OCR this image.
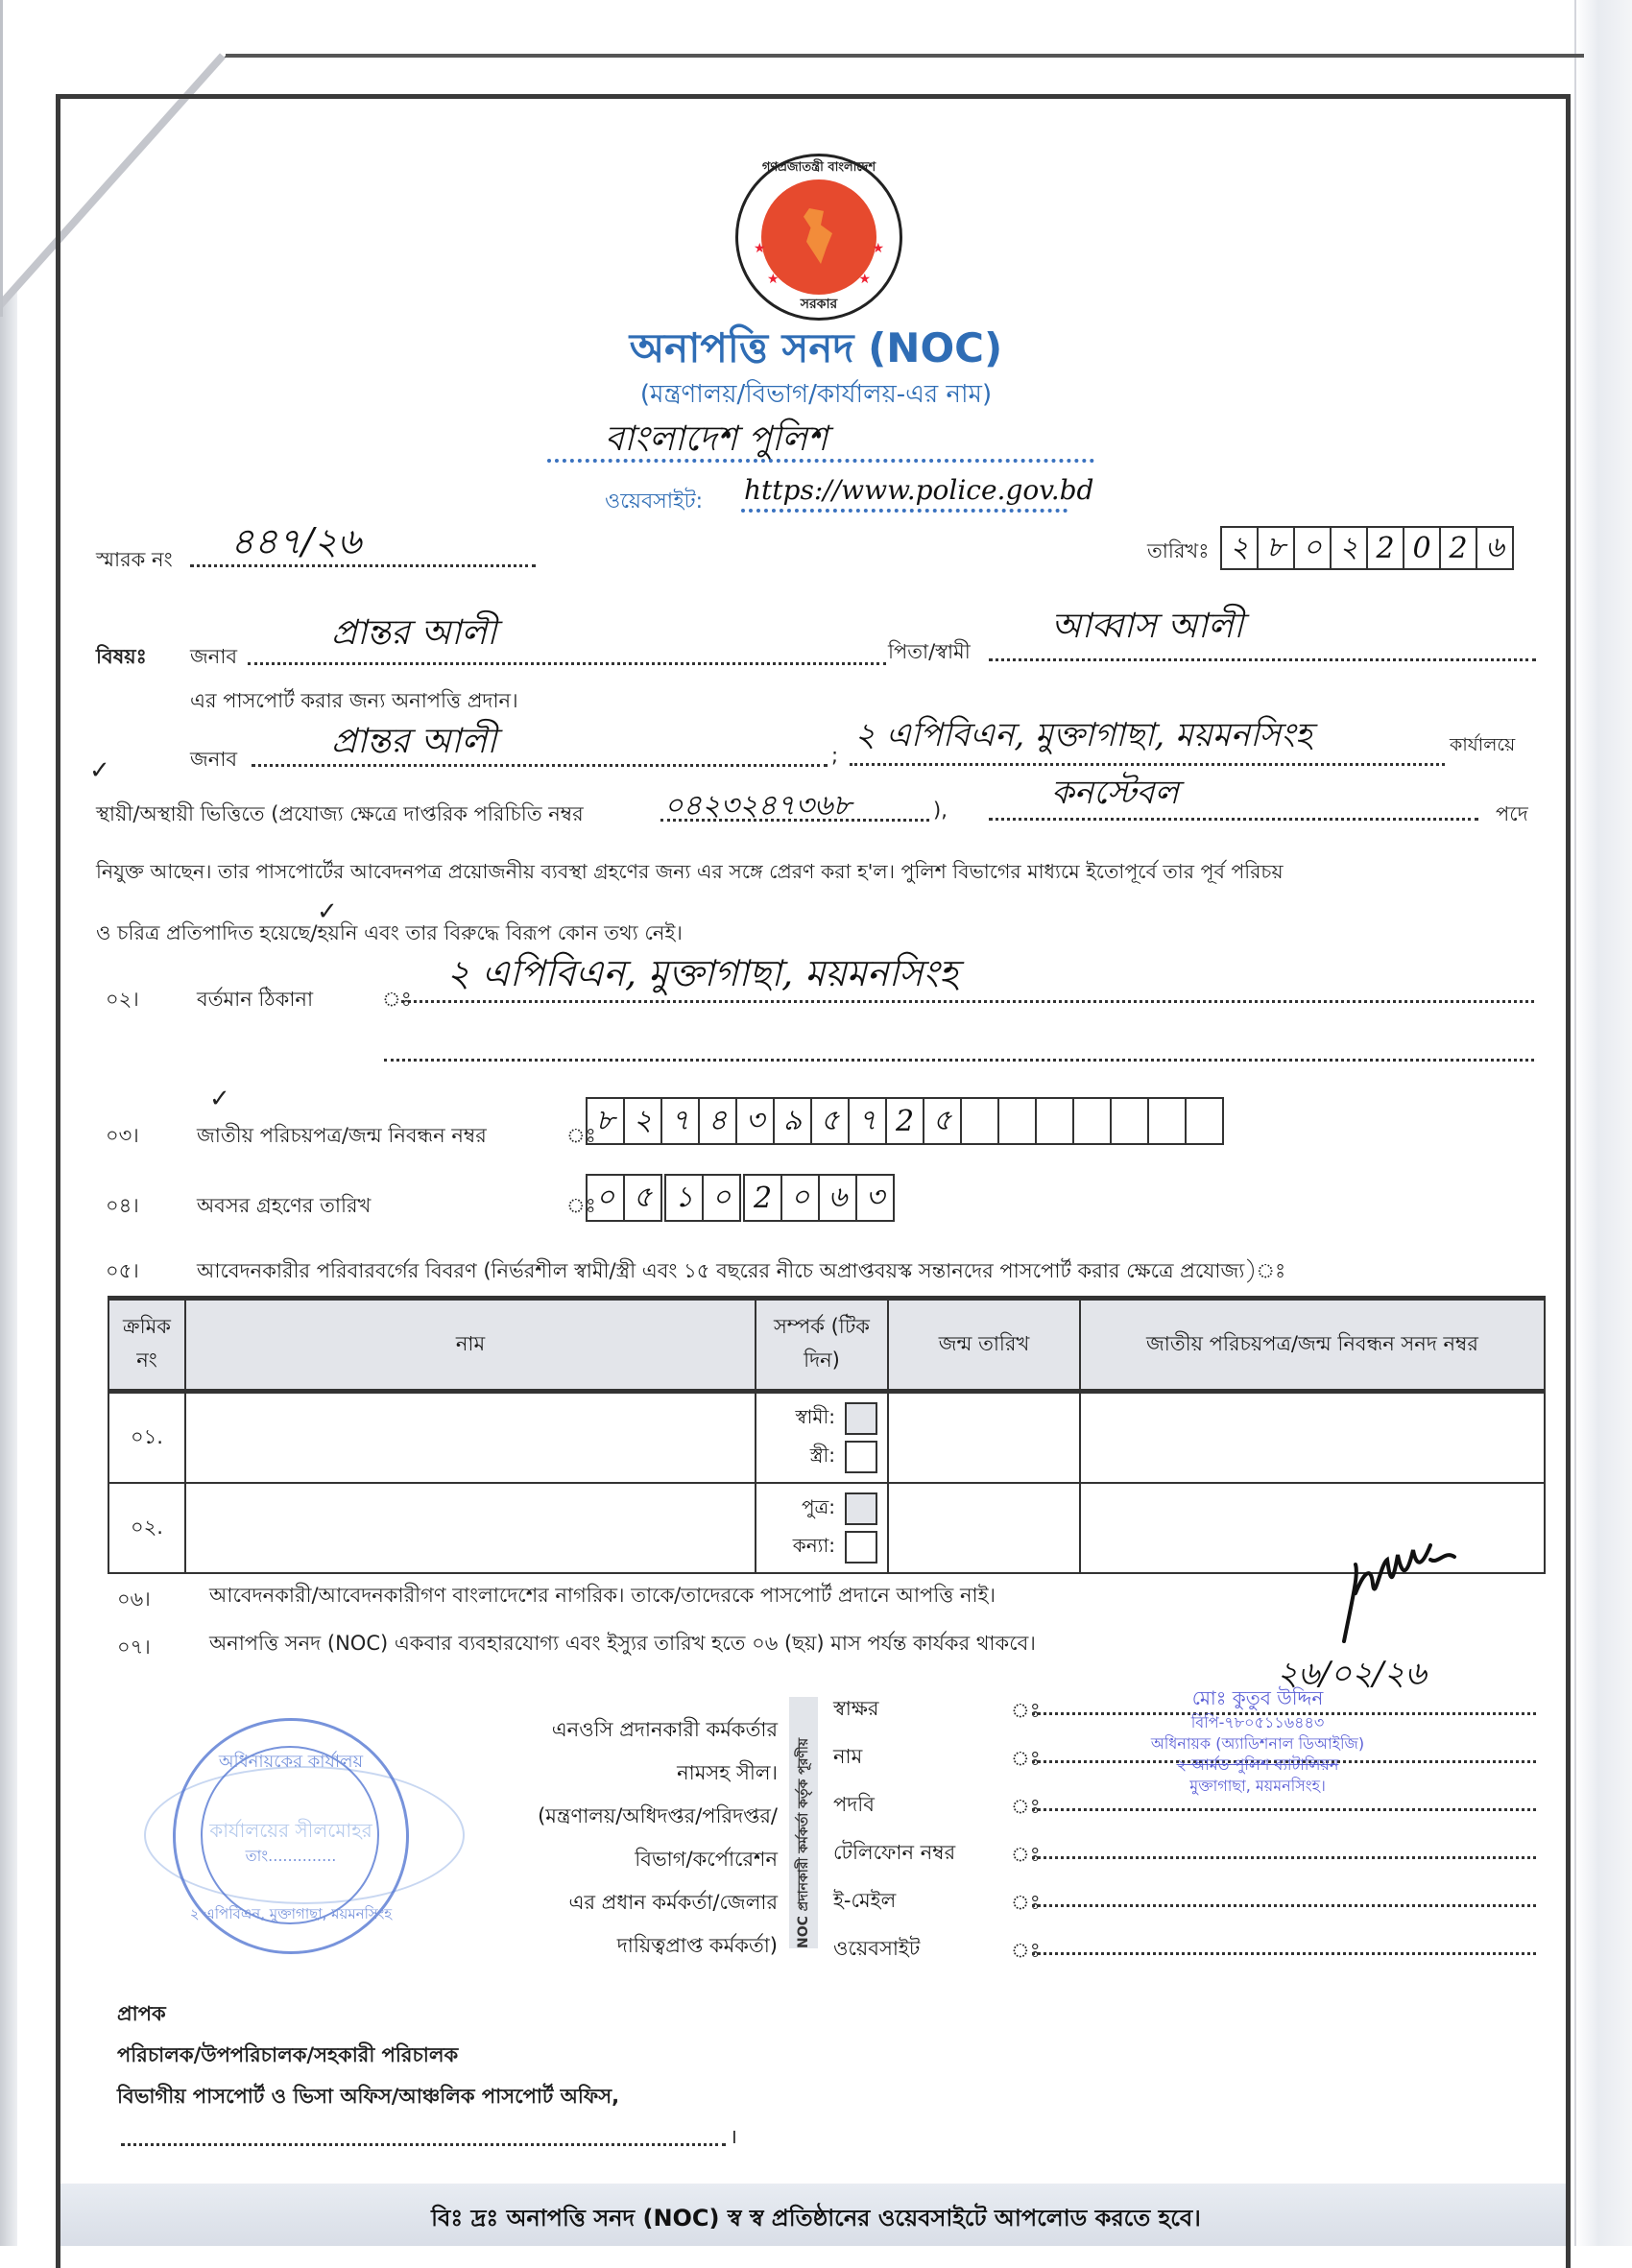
গণপ্রজাতন্ত্রী বাংলাদেশ
★	★
★	★
সরকার
অনাপত্তি সনদ (NOC)
(মন্ত্রণালয়/বিভাগ/কার্যালয়-এর নাম)
বাংলাদেশ পুলিশ
ওয়েবসাইট: https://www.police.gov.bd
স্মারক নং ৪৪৭/২৬	তারিখঃ ২ ৮ ০ ২ 2 0 2 ৬
বিষয়ঃ জনাব
প্রান্তর আলী	পিতা/স্বামী
আব্বাস আলী
এর পাসপোর্ট করার জন্য অনাপত্তি প্রদান।
জনাব	প্রান্তর আলী	;
২ এপিবিএন, মুক্তাগাছা, ময়মনসিংহ	কার্যালয়ে
✓
স্থায়ী/অস্থায়ী ভিত্তিতে (প্রযোজ্য ক্ষেত্রে দাপ্তরিক পরিচিতি নম্বর	০৪২৩২৪৭৩৬৮	),	কনস্টেবল
পদে
নিযুক্ত আছেন। তার পাসপোর্টের আবেদনপত্র প্রয়োজনীয় ব্যবস্থা গ্রহণের জন্য এর সঙ্গে প্রেরণ করা হ'ল। পুলিশ বিভাগের মাধ্যমে ইতোপূর্বে তার পূর্ব পরিচয়
✓
ও চরিত্র প্রতিপাদিত হয়েছে/হয়নি এবং তার বিরুদ্ধে বিরূপ কোন তথ্য নেই।
০২।	বর্তমান ঠিকানা	ঃ
২ এপিবিএন, মুক্তাগাছা, ময়মনসিংহ
✓
০৩।	জাতীয় পরিচয়পত্র/জন্ম নিবন্ধন নম্বর	ঃ ৮ ২ ৭ ৪ ৩ ৯ ৫ ৭ 2 ৫
০৪।	অবসর গ্রহণের তারিখ	ঃ ০ ৫ ১ ০ 2 ০ ৬ ৩
০৫।	আবেদনকারীর পরিবারবর্গের বিবরণ (নির্ভরশীল স্বামী/স্ত্রী এবং ১৫ বছরের নীচে অপ্রাপ্তবয়স্ক সন্তানদের পাসপোর্ট করার ক্ষেত্রে প্রযোজ্য)ঃ
ক্রমিক নং	নাম	সম্পর্ক (টিক দিন)	জন্ম তারিখ	জাতীয় পরিচয়পত্র/জন্ম নিবন্ধন সনদ নম্বর
০১.		স্বামী:
স্ত্রী:		

০২.		পুত্র:
কন্যা:		

০৬।	আবেদনকারী/আবেদনকারীগণ বাংলাদেশের নাগরিক। তাকে/তাদেরকে পাসপোর্ট প্রদানে আপত্তি নাই।
০৭।	অনাপত্তি সনদ (NOC) একবার ব্যবহারযোগ্য এবং ইস্যুর তারিখ হতে ০৬ (ছয়) মাস পর্যন্ত কার্যকর থাকবে।
২৬/০২/২৬
অধিনায়কের কার্যালয়
কার্যালয়ের সীলমোহর
তাং..............
২ এপিবিএন, মুক্তাগাছা, ময়মনসিংহ
এনওসি প্রদানকারী কর্মকর্তার
নামসহ সীল।
(মন্ত্রণালয়/অধিদপ্তর/পরিদপ্তর/
বিভাগ/কর্পোরেশন
এর প্রধান কর্মকর্তা/জেলার
দায়িত্বপ্রাপ্ত কর্মকর্তা)	NOC প্রদানকারী কর্মকর্তা কর্তৃক পূরণীয়
স্বাক্ষর	ঃ
নাম	ঃ
পদবি	ঃ
টেলিফোন নম্বর	ঃ
ই-মেইল	ঃ
ওয়েবসাইট	ঃ
মোঃ কুতুব উদ্দিন
বিপি-৭৮০৫১১৬৪৪৩
অধিনায়ক (অ্যাডিশনাল ডিআইজি)
২ আর্মড পুলিশ ব্যাটালিয়ন
মুক্তাগাছা, ময়মনসিংহ।
প্রাপক
পরিচালক/উপপরিচালক/সহকারী পরিচালক
বিভাগীয় পাসপোর্ট ও ভিসা অফিস/আঞ্চলিক পাসপোর্ট অফিস,
।
বিঃ দ্রঃ অনাপত্তি সনদ (NOC) স্ব স্ব প্রতিষ্ঠানের ওয়েবসাইটে আপলোড করতে হবে।
